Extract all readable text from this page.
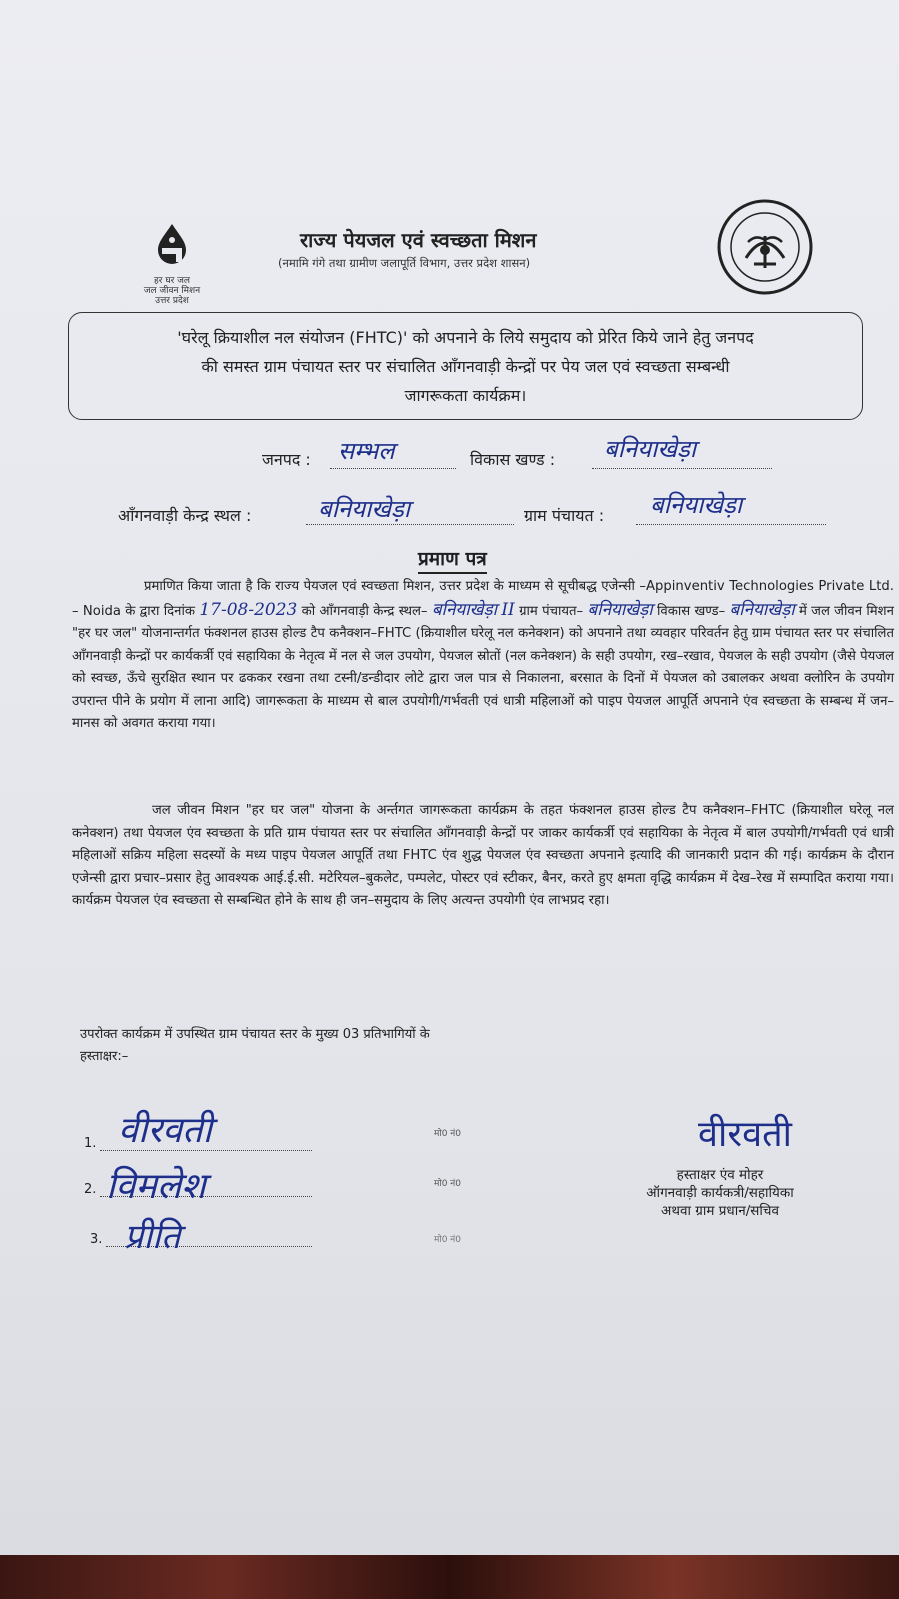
हर घर जल
जल जीवन मिशन
उत्तर प्रदेश
राज्य पेयजल एवं स्वच्छता मिशन
(नमामि गंगे तथा ग्रामीण जलापूर्ति विभाग, उत्तर प्रदेश शासन)
'घरेलू क्रियाशील नल संयोजन (FHTC)' को अपनाने के लिये समुदाय को प्रेरित किये जाने हेतु जनपद
की समस्त ग्राम पंचायत स्तर पर संचालित आँगनवाड़ी केन्द्रों पर पेय जल एवं स्वच्छता सम्बन्धी
जागरूकता कार्यक्रम।
जनपद : सम्भल	विकास खण्ड : बनियाखेड़ा
आँगनवाड़ी केन्द्र स्थल :	बनियाखेड़ा	ग्राम पंचायत : बनियाखेड़ा
प्रमाण पत्र

प्रमाणित किया जाता है कि राज्य पेयजल एवं स्वच्छता मिशन, उत्तर प्रदेश के माध्यम से सूचीबद्ध एजेन्सी –Appinventiv Technologies Private Ltd. – Noida के द्वारा दिनांक 17-08-2023 को आँगनवाड़ी केन्द्र स्थल– बनियाखेड़ा II ग्राम पंचायत– बनियाखेड़ा विकास खण्ड– बनियाखेड़ा में जल जीवन मिशन "हर घर जल" योजनान्तर्गत फंक्शनल हाउस होल्ड टैप कनैक्शन–FHTC (क्रियाशील घरेलू नल कनेक्शन) को अपनाने तथा व्यवहार परिवर्तन हेतु ग्राम पंचायत स्तर पर संचालित आँगनवाड़ी केन्द्रों पर कार्यकर्त्री एवं सहायिका के नेतृत्व में नल से जल उपयोग, पेयजल स्रोतों (नल कनेक्शन) के सही उपयोग, रख–रखाव, पेयजल के सही उपयोग (जैसे पेयजल को स्वच्छ, ऊँचे सुरक्षित स्थान पर ढककर रखना तथा टस्नी/डन्डीदार लोटे द्वारा जल पात्र से निकालना, बरसात के दिनों में पेयजल को उबालकर अथवा क्लोरिन के उपयोग उपरान्त पीने के प्रयोग में लाना आदि) जागरूकता के माध्यम से बाल उपयोगी/गर्भवती एवं धात्री महिलाओं को पाइप पेयजल आपूर्ति अपनाने एंव स्वच्छता के सम्बन्ध में जन–मानस को अवगत कराया गया।

जल जीवन मिशन "हर घर जल" योजना के अर्न्तगत जागरूकता कार्यक्रम के तहत फंक्शनल हाउस होल्ड टैप कनैक्शन–FHTC (क्रियाशील घरेलू नल कनेक्शन) तथा पेयजल एंव स्वच्छता के प्रति ग्राम पंचायत स्तर पर संचालित आँगनवाड़ी केन्द्रों पर जाकर कार्यकर्त्री एवं सहायिका के नेतृत्व में बाल उपयोगी/गर्भवती एवं धात्री महिलाओं सक्रिय महिला सदस्यों के मध्य पाइप पेयजल आपूर्ति तथा FHTC एंव शुद्ध पेयजल एंव स्वच्छता अपनाने इत्यादि की जानकारी प्रदान की गई। कार्यक्रम के दौरान एजेन्सी द्वारा प्रचार–प्रसार हेतु आवश्यक आई.ई.सी. मटेरियल–बुकलेट, पम्पलेट, पोस्टर एवं स्टीकर, बैनर, करते हुए क्षमता वृद्धि कार्यक्रम में देख–रेख में सम्पादित कराया गया। कार्यक्रम पेयजल एंव स्वच्छता से सम्बन्धित होने के साथ ही जन–समुदाय के लिए अत्यन्त उपयोगी एंव लाभप्रद रहा।

उपरोक्त कार्यक्रम में उपस्थित ग्राम पंचायत स्तर के मुख्य 03 प्रतिभागियों के
हस्ताक्षर:–
1. वीरवती	मो0 नं0
2. विमलेश	मो0 नं0
3. प्रीति	मो0 नं0
वीरवती
हस्ताक्षर एंव मोहर
ऑगनवाड़ी कार्यकत्री/सहायिका
अथवा ग्राम प्रधान/सचिव
